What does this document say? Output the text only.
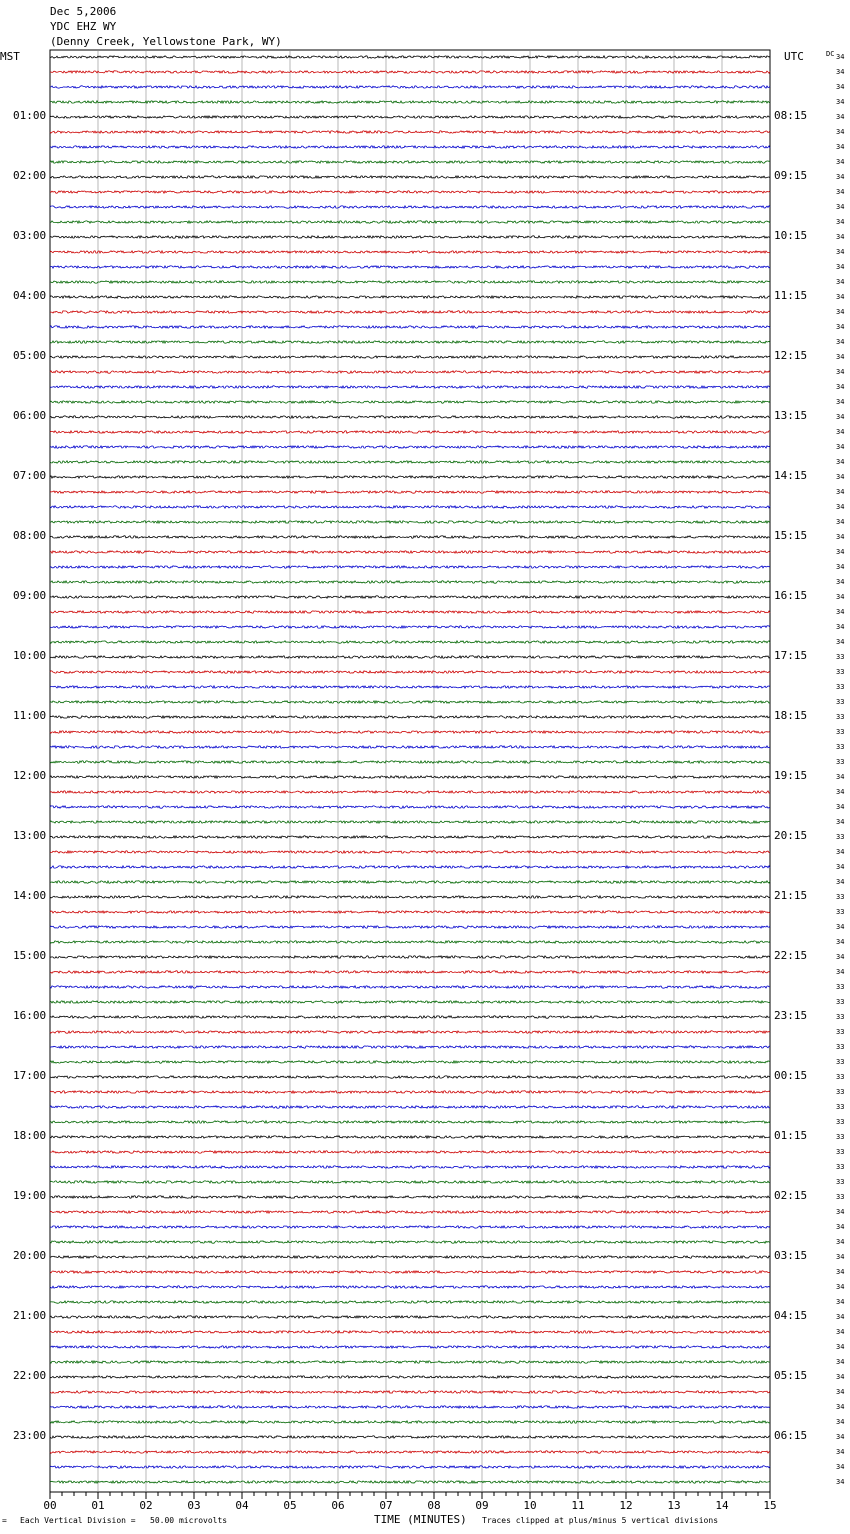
Dec 5,2006
YDC EHZ WY
(Denny Creek, Yellowstone Park, WY)
MST	UTC	DC
00	01	02	03	04	05	06	07	08	09	10	11	12	13	14	15
01:00
02:00
03:00
04:00
05:00
06:00
07:00
08:00
09:00
10:00
11:00
12:00
13:00
14:00
15:00
16:00
17:00
18:00
19:00
20:00
21:00
22:00
23:00
08:15
09:15
10:15
11:15
12:15
13:15
14:15
15:15
16:15
17:15
18:15
19:15
20:15
21:15
22:15
23:15
00:15
01:15
02:15
03:15
04:15
05:15
06:15
34
34
34
34
34
34
34
34
34
34
34
34
34
34
34
34
34
34
34
34
34
34
34
34
34
34
34
34
34
34
34
34
34
34
34
34
34
34
34
34
33
33
33
33
33
33
33
33
34
34
34
34
33
34
34
34
33
33
34
34
34
34
33
33
33
33
33
33
33
33
33
33
33
33
33
33
33
34
34
34
34
34
34
34
34
34
34
34
34
34
34
34
34
34
34
34
= Each Vertical Division =   50.00 microvolts	TIME (MINUTES) Traces clipped at plus/minus 5 vertical divisions
